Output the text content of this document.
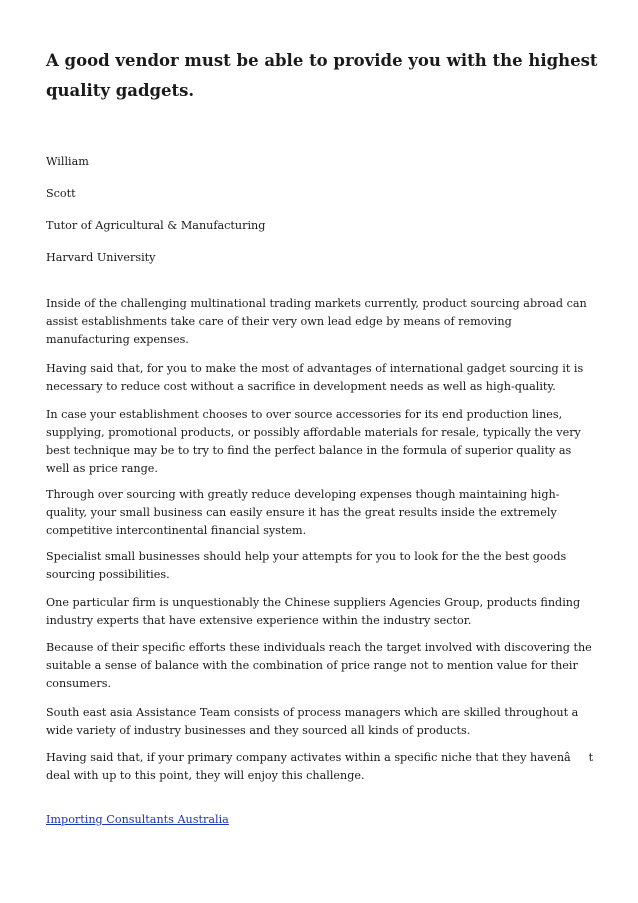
A good vendor must be able to provide you with the highest quality gadgets.

William

Scott

Tutor of Agricultural & Manufacturing

Harvard University

Inside of the challenging multinational trading markets currently, product sourcing abroad can assist establishments take care of their very own lead edge by means of removing manufacturing expenses.

Having said that, for you to make the most of advantages of international gadget sourcing it is necessary to reduce cost without a sacrifice in development needs as well as high-quality.

In case your establishment chooses to over source accessories for its end production lines, supplying, promotional products, or possibly affordable materials for resale, typically the very best technique may be to try to find the perfect balance in the formula of superior quality as well as price range.

Through over sourcing with greatly reduce developing expenses though maintaining high-quality, your small business can easily ensure it has the great results inside the extremely competitive intercontinental financial system.

Specialist small businesses should help your attempts for you to look for the the best goods sourcing possibilities.

One particular firm is unquestionably the Chinese suppliers Agencies Group, products finding industry experts that have extensive experience within the industry sector.

Because of their specific efforts these individuals reach the target involved with discovering the suitable a sense of balance with the combination of price range not to mention value for their consumers.

South east asia Assistance Team consists of process managers which are skilled throughout a wide variety of industry businesses and they sourced all kinds of products.

Having said that, if your primary company activates within a specific niche that they havenât deal with up to this point, they will enjoy this challenge.

Importing Consultants Australia
